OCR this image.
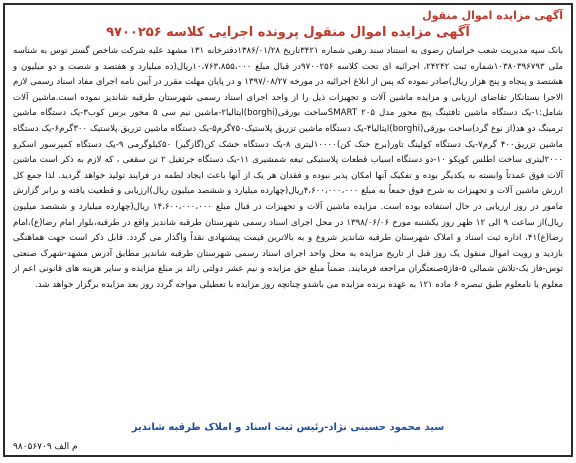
آگهی مزایده اموال منقول
آگهی مزایده اموال منقول پرونده اجرایی کلاسه ۹۷۰۰۲۵۶
بانک سپه مدیریت شعب خراسان رضوی به استناد سند رهنی شماره ۳۴۲۱تاریخ ۱۳۸۶/۰۱/۲۸دفترخانه ۱۳۱ مشهد علیه شرکت شاخص گستر توس به شناسه ملی ۱۰۳۸۰۳۹۶۷۹۳شماره ثبت ۲۴۲۴۲، اجرائیه ای تحت کلاسه ۹۷۰۰۲۵۶در قبال مبلغ ۱۰،۷۶۳،۸۵۵،۰۰۰ریال(ده میلیارد و هفتصد و شصت و دو میلیون و هشتصد و پنجاه و پنج هزار ریال)صادر نموده که پس از ابلاغ اجرائیه در مورخه ۱۳۹۷/۰۸/۲۷ و در پایان مهلت مقرر در آیین نامه اجرای مفاد اسناد رسمی لازم الاجرا بستانکار تقاضای ارزیابی و مزایده ماشین آلات و تجهیزات ذیل را از واحد اجرای اسناد رسمی شهرستان طرقبه شاندیز نموده است.ماشین آلات شامل:۱-یک دستگاه ماشین تافتینگ پنج محور مدل SMART ۲۰۵ساخت بورقی(borghi)ایتالیا۲-ماشین نیم سی ۵ محور برس کوب۳-یک دستگاه ماشین ترمینگ دو هد(از نوع گرد)ساخت بورقی(borghi)ایتالیا۴-یک دستگاه ماشین تزریق پلاستیک۷۵۰گرم۵-یک دستگاه ماشین تزریق پلاستیک ۳۰۰گرم۶-یک دستگاه ماشین تزریق۴۰۰ گرم۷-یک دستگاه کولینگ تاور(برج خنک کن)۱۰۰۰۰لیتری ۸-یک دستگاه خشک کن(گازگیر) ۵۰کیلوگرمی ۹-یک دستگاه کمپرسور اسکرو ۲۰۰۰لیتری ساخت اطلس کوپکو ۱۰-دو دستگاه اسیاب قطعات پلاستیکی تیغه شمشیری ۱۱-یک دستگاه جرثقیل ۲ تن سقفی ، که لازم به ذکر است ماشین آلات فوق عمدتاً وابسته به یکدیگر بوده و تفکیک آنها امکان پذیر نبوده و فقدان هر یک از آنها باعث ایجاد لطمه در فرایند تولید خواهد گردید. لذا جمع کل ارزش ماشین آلات و تجهیزات به شرح فوق جمعاً به مبلغ ۴،۶۰۰،۰۰۰،۰۰۰ریال(چهارده میلیارد و ششصد میلیون ریال)ارزیابی و قطعیت یافته و برابر گزارش مامور در روز ارزیابی در حال استفاده بوده است. مزایده ماشین آلات و تجهیزات در قبال مبلغ ۱۴،۶۰۰،۰۰۰،۰۰۰ ریال(چهارده میلیارد و ششصد میلیون ریال)از ساعت ۹ الی ۱۲ ظهر روز یکشنبه مورخ ۱۳۹۸/۰۶/۰۶ در محل اجرای اسناد رسمی شهرستان طرقبه شاندیز واقع در طرقبه،بلوار امام رضا(ع)،امام رضا(ع)۴۱، اداره ثبت اسناد و املاک شهرستان طرقبه شاندیز شروع و به بالاترین قیمت پیشنهادی نقداً واگذار می گردد. قابل ذکر است جهت هماهنگی بازدید و رویت اموال منقول یک روز قبل از تاریخ مزایده به محل واحد اجرای اسناد رسمی شهرستان طرقبه شاندیز مطابق آدرس مشهد-شهرک صنعتی توس-فاز یک-تلاش شمالی ۵-فاز۵صنعتگران مراجعه فرمایند. ضمناً مبلغ حق مزایده و نیم عشر دولتی زائد بر مبلغ مزایده و سایر هزینه های قانونی اعم از معلوم یا نامعلوم طبق تبصره ۶ ماده ۱۲۱ به عهده برنده مزایده می باشدو چنانچه روز مزایده با تعطیلی مواجه گردد روز بعد مزایده برگزار خواهد شد.
سید محمود حسینی نژاد-رئیس ثبت اسناد و املاک طرقبه شاندیز
م الف ۹۸۰۵۶۷۰۹
